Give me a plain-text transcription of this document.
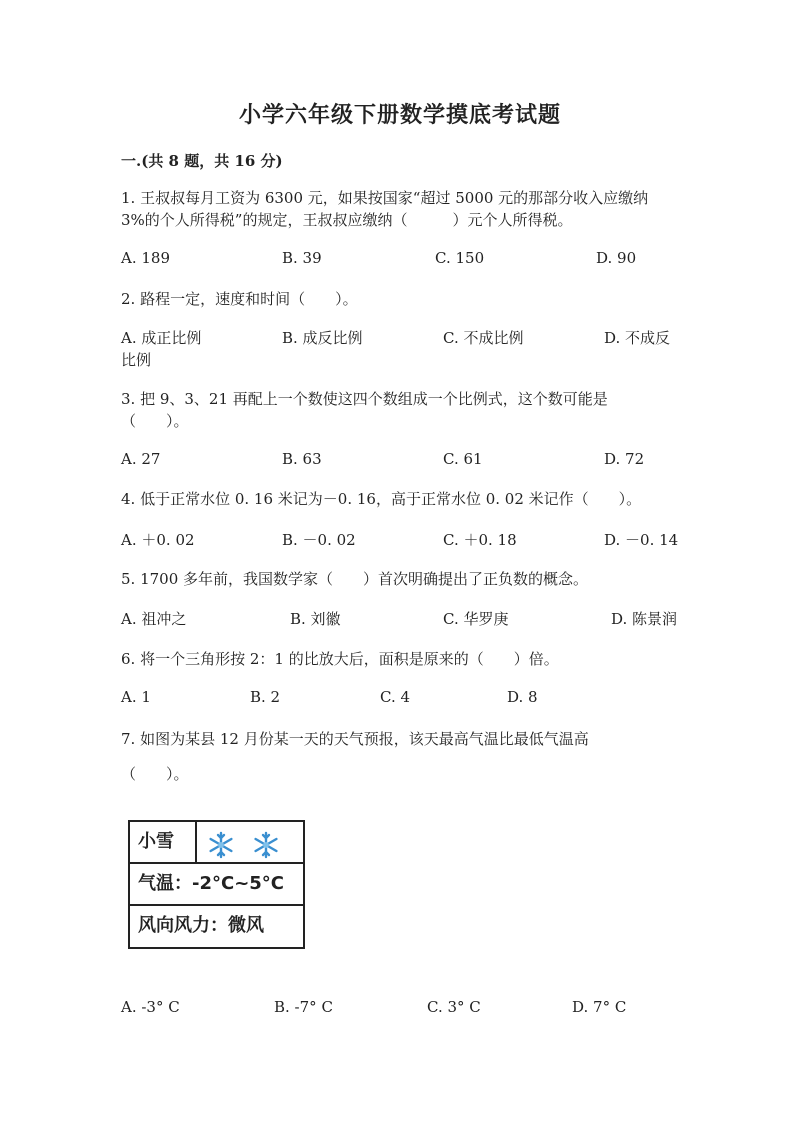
小学六年级下册数学摸底考试题
一.(共 8 题，共 16 分)
1. 王叔叔每月工资为 6300 元，如果按国家“超过 5000 元的那部分收入应缴纳
3%的个人所得税”的规定，王叔叔应缴纳（　　　）元个人所得税。
A. 189	B. 39	C. 150	D. 90
2. 路程一定，速度和时间（　　）。
A. 成正比例	B. 成反比例	C. 不成比例	D. 不成反
比例
3. 把 9、3、21 再配上一个数使这四个数组成一个比例式，这个数可能是
（　　）。
A. 27	B. 63	C. 61	D. 72
4. 低于正常水位 0. 16 米记为－0. 16，高于正常水位 0. 02 米记作（　　）。
A. ＋0. 02	B. －0. 02	C. ＋0. 18	D. －0. 14
5. 1700 多年前，我国数学家（　　）首次明确提出了正负数的概念。
A. 祖冲之	B. 刘徽	C. 华罗庚	D. 陈景润
6. 将一个三角形按 2：1 的比放大后，面积是原来的（　　）倍。
A. 1	B. 2	C. 4	D. 8
7. 如图为某县 12 月份某一天的天气预报，该天最高气温比最低气温高
（　　）。
小雪
气温：-2°C~5°C
风向风力：微风
A. -3° C	B. -7° C	C. 3° C	D. 7° C
